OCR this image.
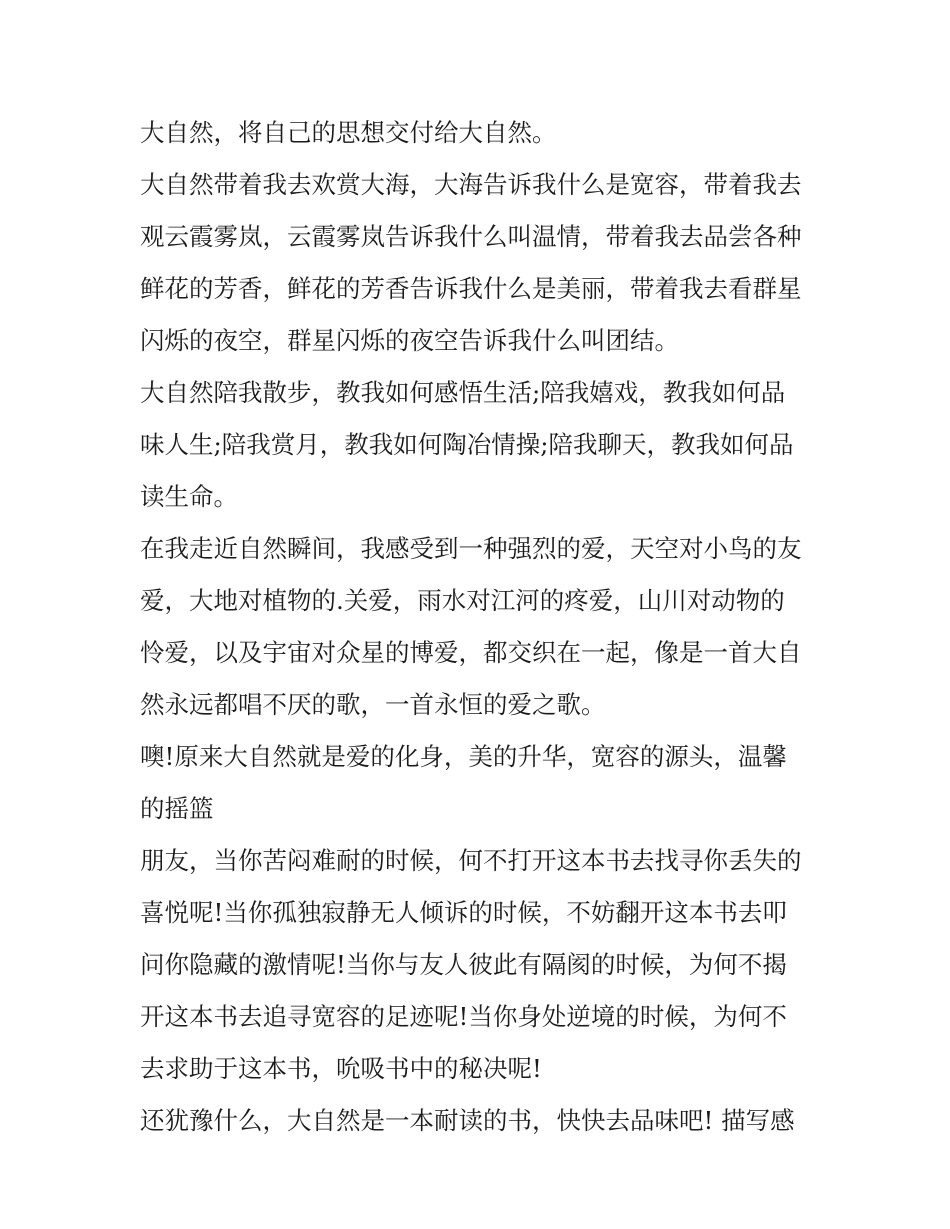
大自然，将自己的思想交付给大自然。
大自然带着我去欢赏大海，大海告诉我什么是宽容，带着我去
观云霞雾岚，云霞雾岚告诉我什么叫温情，带着我去品尝各种
鲜花的芳香，鲜花的芳香告诉我什么是美丽，带着我去看群星
闪烁的夜空，群星闪烁的夜空告诉我什么叫团结。
大自然陪我散步，教我如何感悟生活;陪我嬉戏，教我如何品
味人生;陪我赏月，教我如何陶冶情操;陪我聊天，教我如何品
读生命。
在我走近自然瞬间，我感受到一种强烈的爱，天空对小鸟的友
爱，大地对植物的.关爱，雨水对江河的疼爱，山川对动物的
怜爱，以及宇宙对众星的博爱，都交织在一起，像是一首大自
然永远都唱不厌的歌，一首永恒的爱之歌。
噢!原来大自然就是爱的化身，美的升华，宽容的源头，温馨
的摇篮
朋友，当你苦闷难耐的时候，何不打开这本书去找寻你丢失的
喜悦呢!当你孤独寂静无人倾诉的时候，不妨翻开这本书去叩
问你隐藏的激情呢!当你与友人彼此有隔阂的时候，为何不揭
开这本书去追寻宽容的足迹呢!当你身处逆境的时候，为何不
去求助于这本书，吮吸书中的秘决呢!
还犹豫什么，大自然是一本耐读的书，快快去品味吧! 描写感
